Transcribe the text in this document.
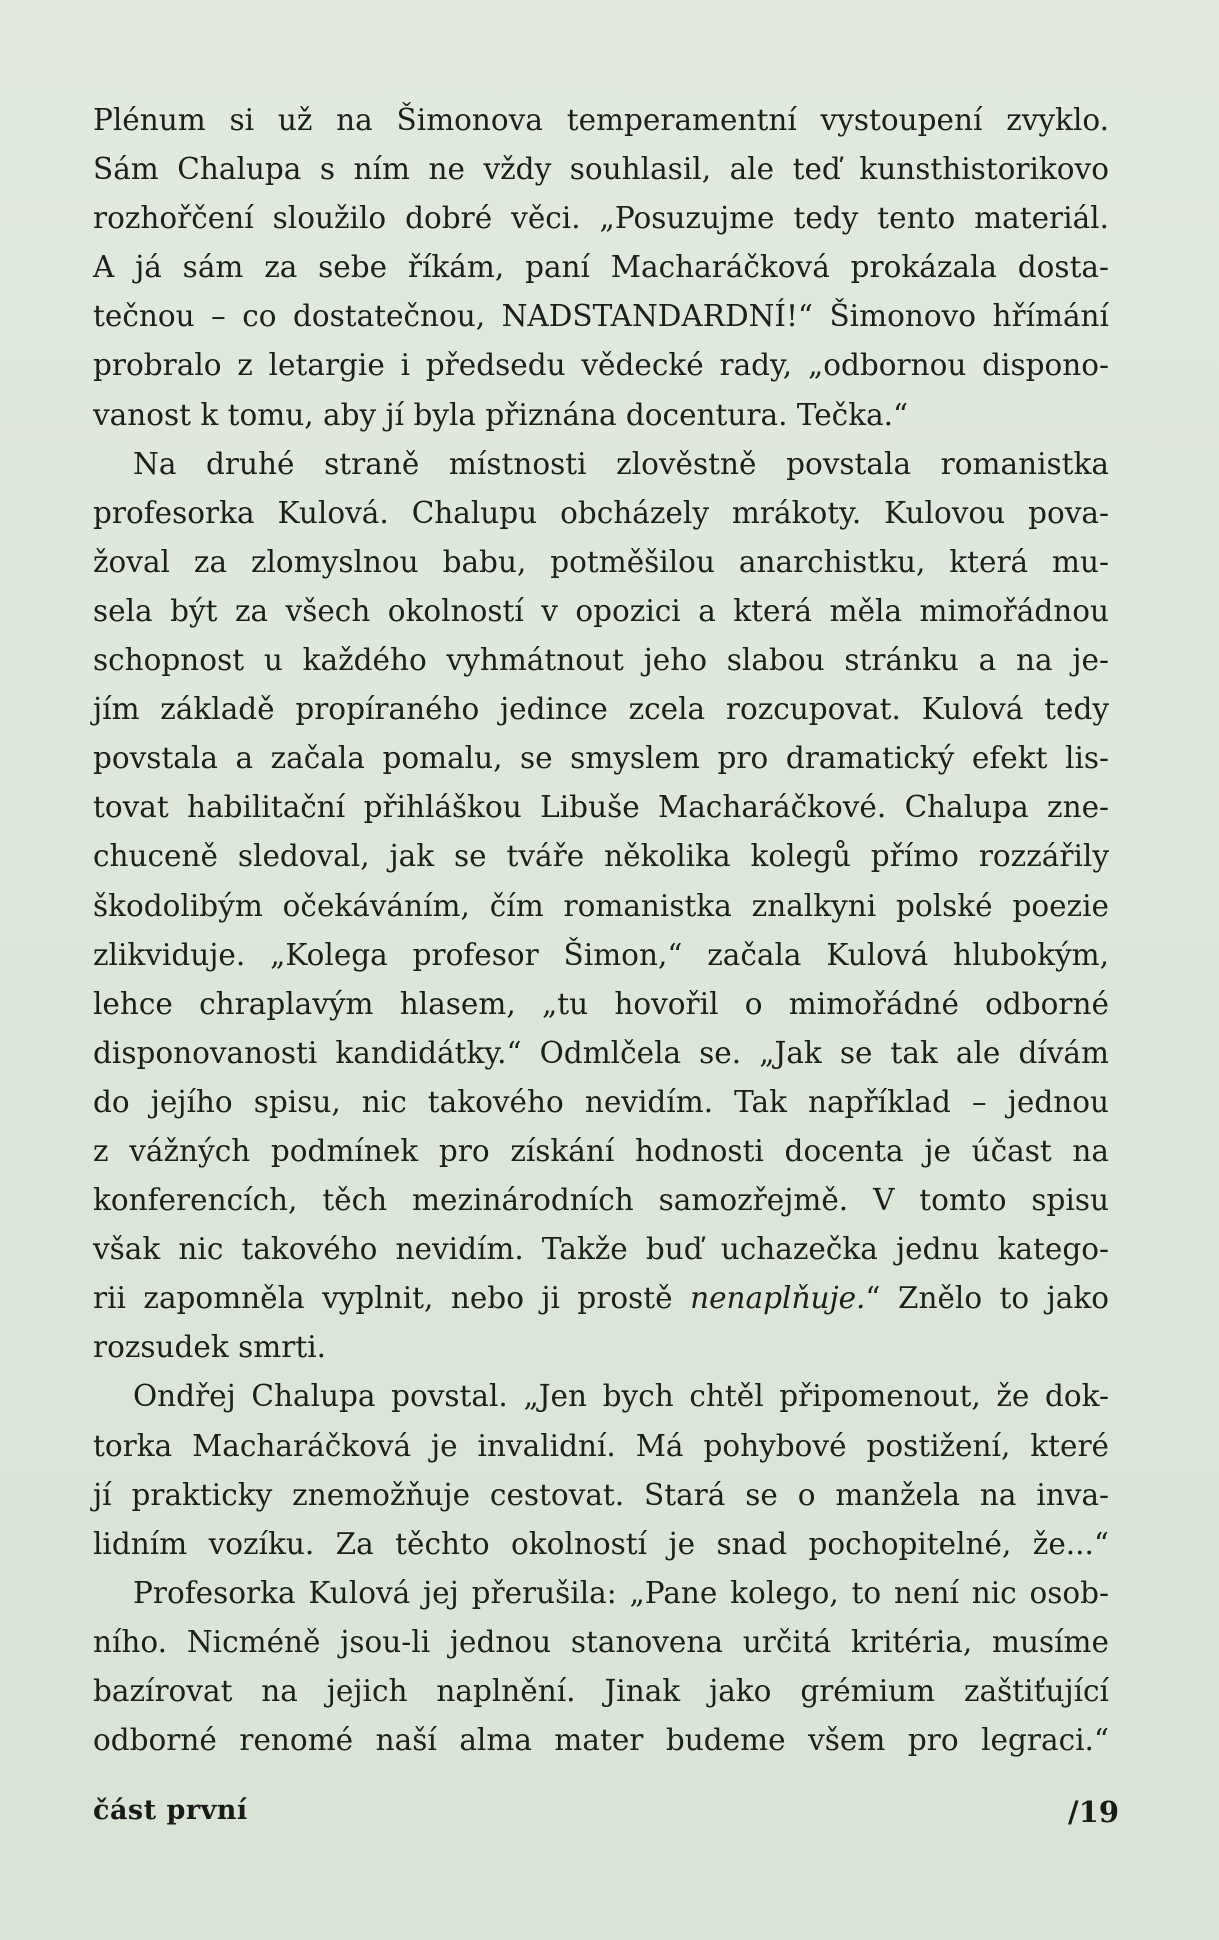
Plénum si už na Šimonova temperamentní vystoupení zvyklo.
Sám Chalupa s ním ne vždy souhlasil, ale teď kunsthistorikovo
rozhořčení sloužilo dobré věci. „Posuzujme tedy tento materiál.
A já sám za sebe říkám, paní Macharáčková prokázala dosta-
tečnou – co dostatečnou, NADSTANDARDNÍ!“ Šimonovo hřímání
probralo z letargie i předsedu vědecké rady, „odbornou dispono-
vanost k tomu, aby jí byla přiznána docentura. Tečka.“
Na druhé straně místnosti zlověstně povstala romanistka
profesorka Kulová. Chalupu obcházely mrákoty. Kulovou pova-
žoval za zlomyslnou babu, potměšilou anarchistku, která mu-
sela být za všech okolností v opozici a která měla mimořádnou
schopnost u každého vyhmátnout jeho slabou stránku a na je-
jím základě propíraného jedince zcela rozcupovat. Kulová tedy
povstala a začala pomalu, se smyslem pro dramatický efekt lis-
tovat habilitační přihláškou Libuše Macharáčkové. Chalupa zne-
chuceně sledoval, jak se tváře několika kolegů přímo rozzářily
škodolibým očekáváním, čím romanistka znalkyni polské poezie
zlikviduje. „Kolega profesor Šimon,“ začala Kulová hlubokým,
lehce chraplavým hlasem, „tu hovořil o mimořádné odborné
disponovanosti kandidátky.“ Odmlčela se. „Jak se tak ale dívám
do jejího spisu, nic takového nevidím. Tak například – jednou
z vážných podmínek pro získání hodnosti docenta je účast na
konferencích, těch mezinárodních samozřejmě. V tomto spisu
však nic takového nevidím. Takže buď uchazečka jednu katego-
rii zapomněla vyplnit, nebo ji prostě nenaplňuje.“ Znělo to jako
rozsudek smrti.
Ondřej Chalupa povstal. „Jen bych chtěl připomenout, že dok-
torka Macharáčková je invalidní. Má pohybové postižení, které
jí prakticky znemožňuje cestovat. Stará se o manžela na inva-
lidním vozíku. Za těchto okolností je snad pochopitelné, že...“
Profesorka Kulová jej přerušila: „Pane kolego, to není nic osob-
ního. Nicméně jsou-li jednou stanovena určitá kritéria, musíme
bazírovat na jejich naplnění. Jinak jako grémium zaštiťující
odborné renomé naší alma mater budeme všem pro legraci.“
část první	/19
